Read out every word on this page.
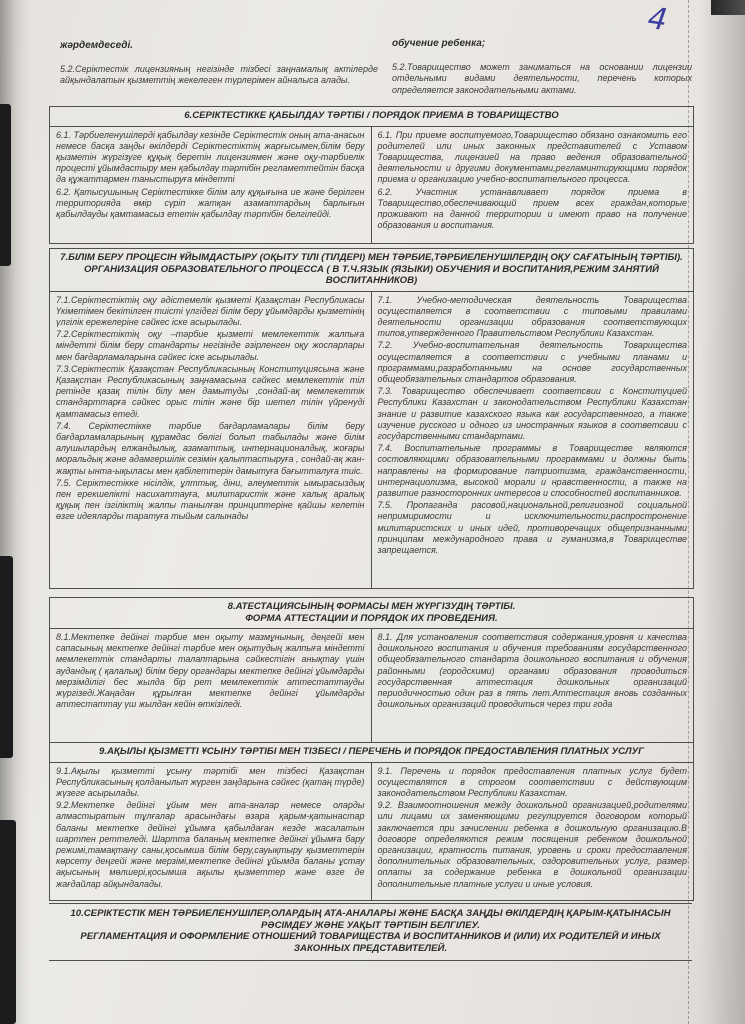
4

жәрдемдеседі.

5.2.Серіктестік лицензияның негізінде тізбесі заңнамалық актілерде айқындалатын қызметтің жекелеген түрлерімен айналыса алады.

обучение ребенка;

5.2.Товарищество может заниматься на основании лицензии отдельными видами деятельности, перечень которых определяется законодательными актами.

6.СЕРІКТЕСТІККЕ ҚАБЫЛДАУ ТӘРТІБІ / ПОРЯДОК ПРИЕМА В ТОВАРИЩЕСТВО

6.1. Тәрбиеленушілерді қабылдау кезінде Серіктестік оның ата-анасын немесе басқа заңды өкілдерді Серіктестіктің жарғысымен,білім беру қызметін жүргізуге құқық беретін лицензиямен және оқу-тәрбиелік процесті ұйымдастыру мен қабылдау тәртібін регламеттейтін басқа да құжаттармен таныстыруға міндетті

6.2. Қатысушының Серіктестікке білім алу құқығына ие және берілген территорияда өмір сүріп жатқан азаматтардың барлығын қабылдауды қамтамасыз ететін қабылдау тәртібін белгілейді.

6.1. При приеме воспитуемого,Товарищество обязано ознакомить его родителей или иных законных представителей с Уставом Товарищества, лицензией на право ведения образовательной деятельности и другими документами,регламинтирующими порядок приема и организацию учебно-воспитательного процесса.

6.2. Участник устанавливает порядок приема в Товарищество,обеспечивающий прием всех граждан,которые проживают на данной территории и имеют право на получение образования и воспитания.

7.БІЛІМ БЕРУ ПРОЦЕСІН ҰЙЫМДАСТЫРУ (ОҚЫТУ ТІЛІ (ТІЛДЕРІ) МЕН ТӘРБИЕ,ТӘРБИЕЛЕНУШІЛЕРДІҢ ОҚУ САҒАТЫНЫҢ ТӘРТІБІ).
ОРГАНИЗАЦИЯ ОБРАЗОВАТЕЛЬНОГО ПРОЦЕССА ( В Т.Ч.ЯЗЫК (ЯЗЫКИ) ОБУЧЕНИЯ И ВОСПИТАНИЯ,РЕЖИМ ЗАНЯТИЙ ВОСПИТАННИКОВ)

7.1.Серіктестіктің оқу әдістемелік қызметі Қазақстан Республикасы Үкіметімен бекітілген тиісті үлгідегі білім беру ұйымдарды қызметінің үлгілік ережелеріне сәйкес іске асырылады.

7.2.Серіктестіктің оқу –тәрбие қызметі мемлекеттік жалпыға міндетті білім беру стандарты негізінде әзірленген оқу жоспарлары мен бағдарламаларына сәйкес іске асырылады.

7.3.Серіктестік Қазақстан Республикасының Конституциясына және Қазақстан Республикасының заңнамасына сәйкес мемлекеттік тіл ретінде қазақ тілін білу мен дамытуды ,сондай-ақ мемлекеттік стандарттарға сәйкес орыс тілін және бір шетел тілін үйренуді қамтамасыз етеді.

7.4. Серіктестікке тәрбие бағдарламалары білім беру бағдарламаларының құрамдас бөлігі болып табылады және білім алушылардың елжандылық, азаматтық, интернационалдық, жоғары моральдық және адамгершілік сезімін қалыптастыруға , сондай-ақ жан-жақты ынта-ықыласы мен қабілеттерін дамытуға бағытталуға тиіс.

7.5. Серіктестікке нісілдік, ұлттық, діни, әлеуметтік ымырасыздық пен ерекшелікті насихаттауға, милитаристік және халық аралық құқық пен ізгіліктің жалпы танылған принциптеріне қайшы келетін өзге идеяларды таратуға тыйым салынады

7.1. Учебно-методическая деятельность Товарищества осуществляется в соответствии с типовыми правилами деятельности организации образования соответствующих типов,утвержденного Правительством Республики Казахстан.

7.2. Учебно-воспитательная деятельность Товарищества осуществляется в соответствии с учебными планами и программами,разработанными на основе государственных общеобязательных стандартов образования.

7.3. Товарищество обеспечивает соответсвии с Конституцией Республики Казахстан и законодательством Республики Казахстан знание и развитие казахского языка как государственного, а также изучение русского и одного из иностранных языков в соответсвии с государственными стандартами.

7.4. Воспитательные программы в Товариществе являются состовляющими образовательными программами и должны быть направлены на формирование патриотизма, гражданственности, интернациолизма, высокой морали и нравственности, а также на развитие разносторонних интересов и способностей воспитанников.

7.5. Пропаганда расовой,национальной,религиозной социальной непримиримости и исключительности,распростронение милитаристских и иных идей, противоречащих общепризнанными принципам международного права и гуманизма,в Товариществе запрещается.

8.АТЕСТАЦИЯСЫНЫҢ ФОРМАСЫ МЕН ЖҮРГІЗУДІҢ ТӘРТІБІ.
ФОРМА АТТЕСТАЦИИ И ПОРЯДОК ИХ ПРОВЕДЕНИЯ.

8.1.Мектепке дейінгі тәрбие мен оқыту мазмұнының, деңгейі мен сапасының мектепке дейінгі тәрбие мен оқытудың жалпыға міндетті мемлекеттік стандарты талаптарына сәйкестігін анықтау үшін аудандық ( қалалық) білім беру органдары мектепке дейінгі ұйымдарды мерзімділігі бес жылда бір рет мемлекеттік аттестаттауды жүргізеді.Жаңадан құрылған мектепке дейінгі ұйымдарды аттестаттау үш жылдан кейін өткізіледі.

8.1. Для установления соответствия содержания,уровня и качества дошкольного воспитания и обучения требованиям государственного общеобязательного стандарта дошкольного воспитания и обучения районными (городскими) органами образования проводиться государственная аттестация дошкольных организаций периодичностью один раз в пять лет.Аттестация вновь созданных дошкольных организаций проводиться через три года

9.АҚЫЛЫ ҚЫЗМЕТТІ ҰСЫНУ ТӘРТІБІ МЕН ТІЗБЕСІ / ПЕРЕЧЕНЬ И ПОРЯДОК ПРЕДОСТАВЛЕНИЯ ПЛАТНЫХ УСЛУГ

9.1.Ақылы қызметті ұсыну тәртібі мен тізбесі Қазақстан Республикасының қолданылып жүрген заңдарына сәйкес (қатаң түрде) жүзеге асырылады.

9.2.Мектепке дейінгі ұйым мен ата-аналар немесе оларды алмастыратын тұлғалар арасындағы өзара қарым-қатынастар баланы мектепке дейінгі ұйымға қабылдаған кезде жасалатын шартпен реттеледі. Шартта баланың мектепке дейінгі ұйымға бару режимі,тамақтану саны,қосымша білім беру,сауықтыру қызметтерін көрсету деңгейі және мерзімі,мектепке дейінгі ұйымда баланы ұстау ақысының мөлшері,қосымша ақылы қызметтер және өзге де жағдайлар айқындалады.

9.1. Перечень и порядок предоставления платных услуг будет осуществлятся в строгом соответствии с действующим законодательством Республики Казахстан.

9.2. Взаимоотношения между дошкольной организацией,родителями или лицами их заменяющими регулируется договором который заключается при зачислении ребенка в дошкольную организацию.В договоре определяются режим посящения ребенком дошкольной организации, кратность питания, уровень и сроки предоставления дополнительных образовательных, оздоровительных услуг, размер оплаты за содержание ребенка в дошкольной организации дополнительные платные услуги и иные условия.

10.СЕРІКТЕСТІК МЕН ТӘРБИЕЛЕНУШІЛЕР,ОЛАРДЫҢ АТА-АНАЛАРЫ ЖӘНЕ БАСҚА ЗАҢДЫ ӨКІЛДЕРДІҢ ҚАРЫМ-ҚАТЫНАСЫН РӘСІМДЕУ ЖӘНЕ УАҚЫТ ТӘРТІБІН БЕЛГІЛЕУ.
РЕГЛАМЕНТАЦИЯ И ОФОРМЛЕНИЕ ОТНОШЕНИЙ ТОВАРИЩЕСТВА И ВОСПИТАННИКОВ И (ИЛИ) ИХ РОДИТЕЛЕЙ И ИНЫХ ЗАКОННЫХ ПРЕДСТАВИТЕЛЕЙ.
